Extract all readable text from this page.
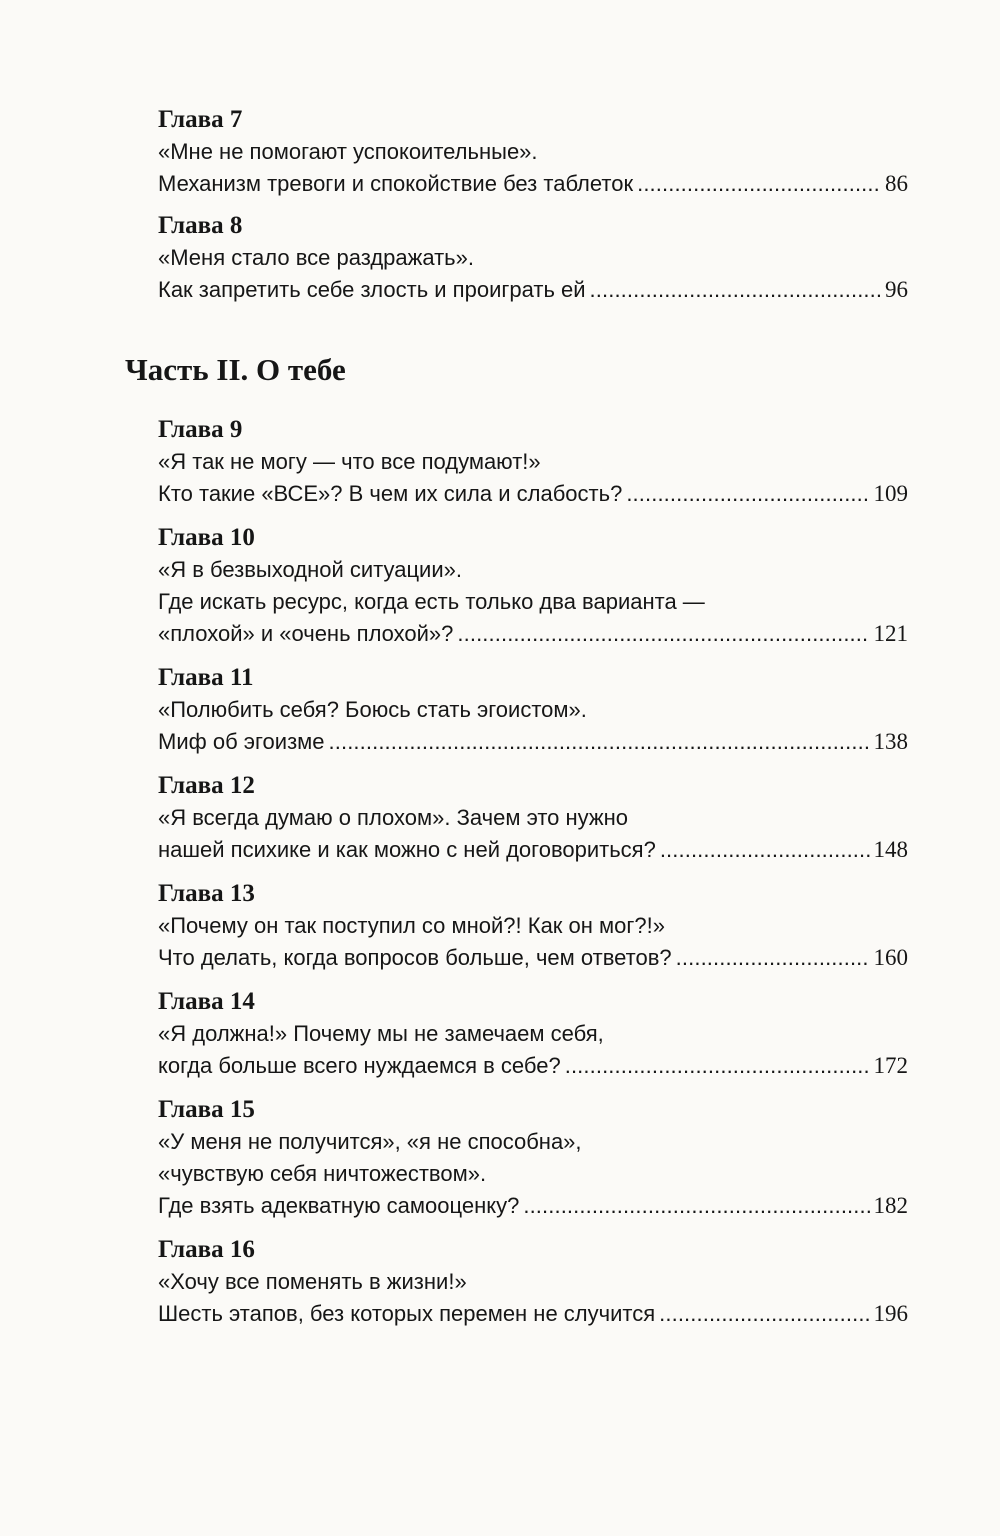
Глава 7
«Мне не помогают успокоительные».
Механизм тревоги и спокойствие без таблеток . . .	86
Глава 8
«Меня стало все раздражать».
Как запретить себе злость и проиграть ей . . .	96
Часть II. О тебе
Глава 9
«Я так не могу — что все подумают!»
Кто такие «ВСЕ»? В чем их сила и слабость? . . .	109
Глава 10
«Я в безвыходной ситуации».
Где искать ресурс, когда есть только два варианта —
«плохой» и «очень плохой»? . . .	121
Глава 11
«Полюбить себя? Боюсь стать эгоистом».
Миф об эгоизме . . .	138
Глава 12
«Я всегда думаю о плохом». Зачем это нужно
нашей психике и как можно с ней договориться? . . .	148
Глава 13
«Почему он так поступил со мной?! Как он мог?!»
Что делать, когда вопросов больше, чем ответов? . . .	160
Глава 14
«Я должна!» Почему мы не замечаем себя,
когда больше всего нуждаемся в себе? . . .	172
Глава 15
«У меня не получится», «я не способна»,
«чувствую себя ничтожеством».
Где взять адекватную самооценку? . . .	182
Глава 16
«Хочу все поменять в жизни!»
Шесть этапов, без которых перемен не случится . . .	196
